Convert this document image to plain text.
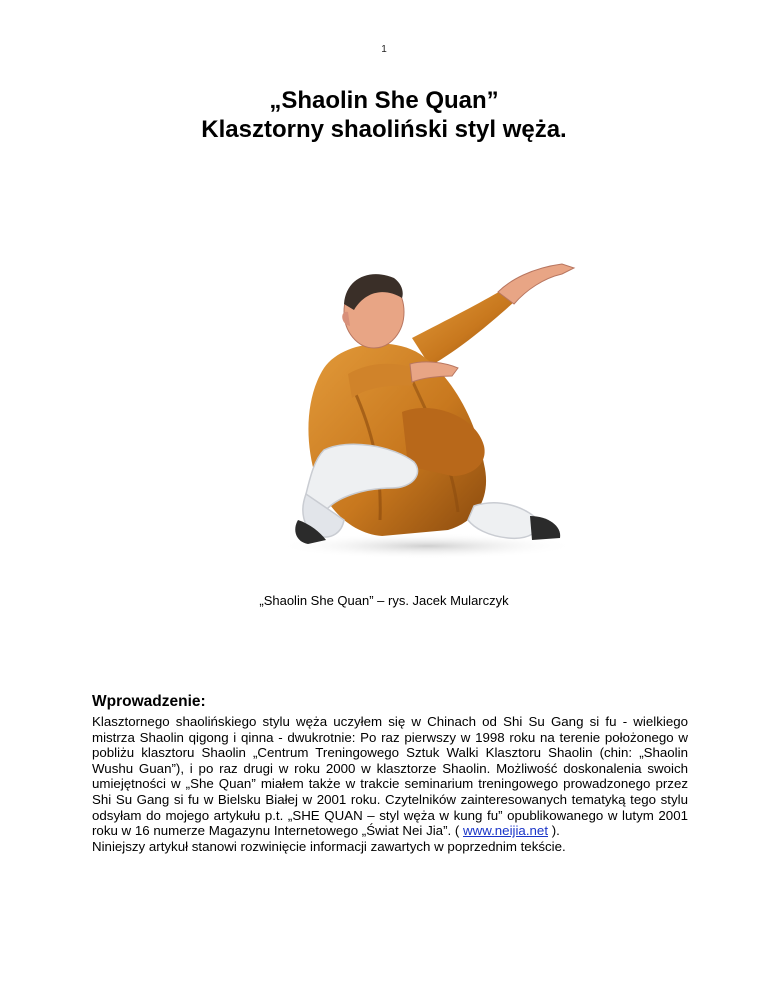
1
„Shaolin She Quan”
Klasztorny shaoliński styl węża.
„Shaolin She Quan” – rys. Jacek Mularczyk
Wprowadzenie:

Klasztornego shaolińskiego stylu węża uczyłem się w Chinach od Shi Su Gang si fu - wielkiego mistrza Shaolin qigong i qinna - dwukrotnie: Po raz pierwszy w 1998 roku na terenie położonego w pobliżu klasztoru Shaolin „Centrum Treningowego Sztuk Walki Klasztoru Shaolin (chin: „Shaolin Wushu Guan”), i po raz drugi w roku 2000 w klasztorze Shaolin. Możliwość doskonalenia swoich umiejętności w „She Quan” miałem także w trakcie seminarium treningowego prowadzonego przez Shi Su Gang si fu w Bielsku Białej w 2001 roku. Czytelników zainteresowanych tematyką tego stylu odsyłam do mojego artykułu p.t. „SHE QUAN – styl węża w kung fu” opublikowanego w lutym 2001 roku w 16 numerze Magazynu Internetowego „Świat Nei Jia”. ( www.neijia.net ).

Niniejszy artykuł stanowi rozwinięcie informacji zawartych w poprzednim tekście.
